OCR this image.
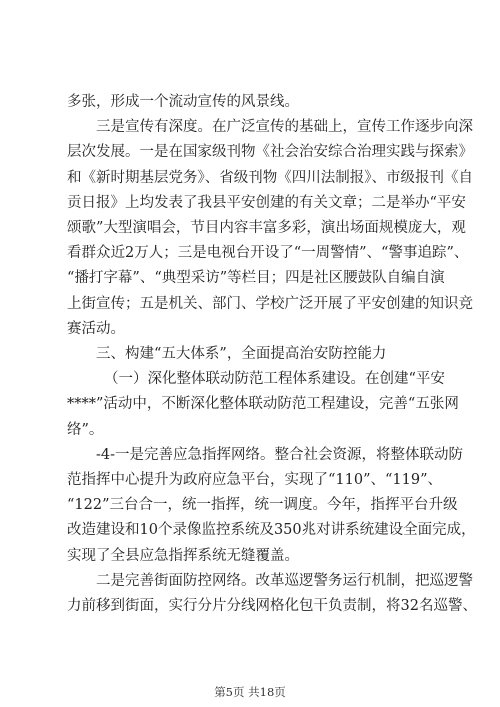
多张，形成一个流动宣传的风景线。
三是宣传有深度。在广泛宣传的基础上，宣传工作逐步向深
层次发展。一是在国家级刊物《社会治安综合治理实践与探索》
和《新时期基层党务》、省级刊物《四川法制报》、市级报刊《自
贡日报》上均发表了我县平安创建的有关文章；二是举办“平安
颂歌”大型演唱会，节目内容丰富多彩，演出场面规模庞大，观
看群众近2万人；三是电视台开设了“一周警情”、“警事追踪”、
“播打字幕”、“典型采访”等栏目；四是社区腰鼓队自编自演
上街宣传；五是机关、部门、学校广泛开展了平安创建的知识竞
赛活动。
三、构建“五大体系”，全面提高治安防控能力
（一）深化整体联动防范工程体系建设。在创建“平安
****”活动中，不断深化整体联动防范工程建设，完善“五张网
络”。
-4-一是完善应急指挥网络。整合社会资源，将整体联动防
范指挥中心提升为政府应急平台，实现了“110”、“119”、
“122”三台合一，统一指挥，统一调度。今年，指挥平台升级
改造建设和10个录像监控系统及350兆对讲系统建设全面完成，
实现了全县应急指挥系统无缝覆盖。
二是完善街面防控网络。改革巡逻警务运行机制，把巡逻警
力前移到街面，实行分片分线网格化包干负责制，将32名巡警、
第5页 共18页
